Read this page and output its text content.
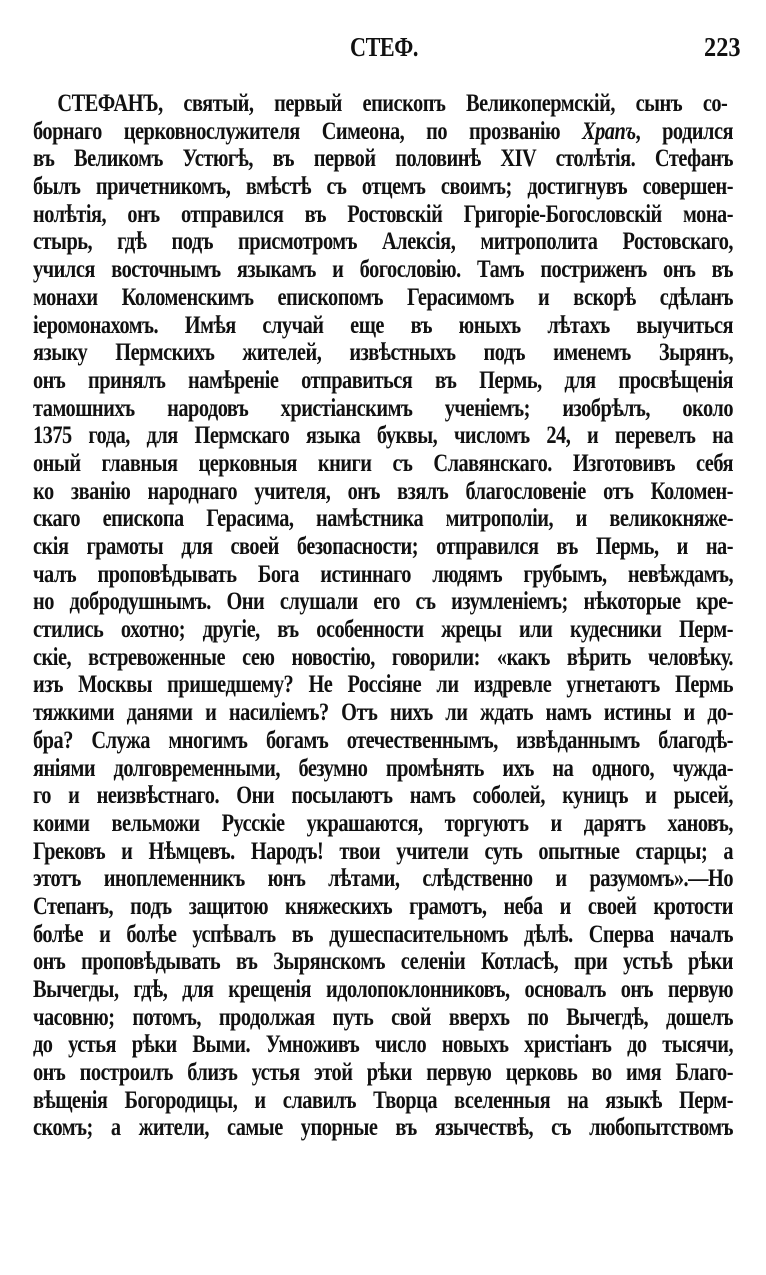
СТЕФ.	223
СТЕФАНЪ, святый, первый епископъ Великопермскій, сынъ со-
борнаго церковнослужителя Симеона, по прозванію Храпъ, родился
въ Великомъ Устюгѣ, въ первой половинѣ XIV столѣтія. Стефанъ
былъ причетникомъ, вмѣстѣ съ отцемъ своимъ; достигнувъ совершен-
нолѣтія, онъ отправился въ Ростовскій Григоріе-Богословскій мона-
стырь, гдѣ подъ присмотромъ Алексія, митрополита Ростовскаго,
учился восточнымъ языкамъ и богословію. Тамъ постриженъ онъ въ
монахи Коломенскимъ епископомъ Герасимомъ и вскорѣ сдѣланъ
іеромонахомъ. Имѣя случай еще въ юныхъ лѣтахъ выучиться
языку Пермскихъ жителей, извѣстныхъ подъ именемъ Зырянъ,
онъ принялъ намѣреніе отправиться въ Пермь, для просвѣщенія
тамошнихъ народовъ христіанскимъ ученіемъ; изобрѣлъ, около
1375 года, для Пермскаго языка буквы, числомъ 24, и перевелъ на
оный главныя церковныя книги съ Славянскаго. Изготовивъ себя
ко званію народнаго учителя, онъ взялъ благословеніе отъ Коломен-
скаго епископа Герасима, намѣстника митрополіи, и великокняже-
скія грамоты для своей безопасности; отправился въ Пермь, и на-
чалъ проповѣдывать Бога истиннаго людямъ грубымъ, невѣждамъ,
но добродушнымъ. Они слушали его съ изумленіемъ; нѣкоторые кре-
стились охотно; другіе, въ особенности жрецы или кудесники Перм-
скіе, встревоженные сею новостію, говорили: «какъ вѣрить человѣку.
изъ Москвы пришедшему? Не Россіяне ли издревле угнетаютъ Пермь
тяжкими данями и насиліемъ? Отъ нихъ ли ждать намъ истины и до-
бра? Служа многимъ богамъ отечественнымъ, извѣданнымъ благодѣ-
яніями долговременными, безумно промѣнять ихъ на одного, чужда-
го и неизвѣстнаго. Они посылаютъ намъ соболей, куницъ и рысей,
коими вельможи Русскіе украшаются, торгуютъ и дарятъ хановъ,
Грековъ и Нѣмцевъ. Народъ! твои учители суть опытные старцы; а
этотъ иноплеменникъ юнъ лѣтами, слѣдственно и разумомъ».—Но
Степанъ, подъ защитою княжескихъ грамотъ, неба и своей кротости
болѣе и болѣе успѣвалъ въ душеспасительномъ дѣлѣ. Сперва началъ
онъ проповѣдывать въ Зырянскомъ селеніи Котласѣ, при устьѣ рѣки
Вычегды, гдѣ, для крещенія идолопоклонниковъ, основалъ онъ первую
часовню; потомъ, продолжая путь свой вверхъ по Вычегдѣ, дошелъ
до устья рѣки Выми. Умноживъ число новыхъ христіанъ до тысячи,
онъ построилъ близъ устья этой рѣки первую церковь во имя Благо-
вѣщенія Богородицы, и славилъ Творца вселенныя на языкѣ Перм-
скомъ; а жители, самые упорные въ язычествѣ, съ любопытствомъ
